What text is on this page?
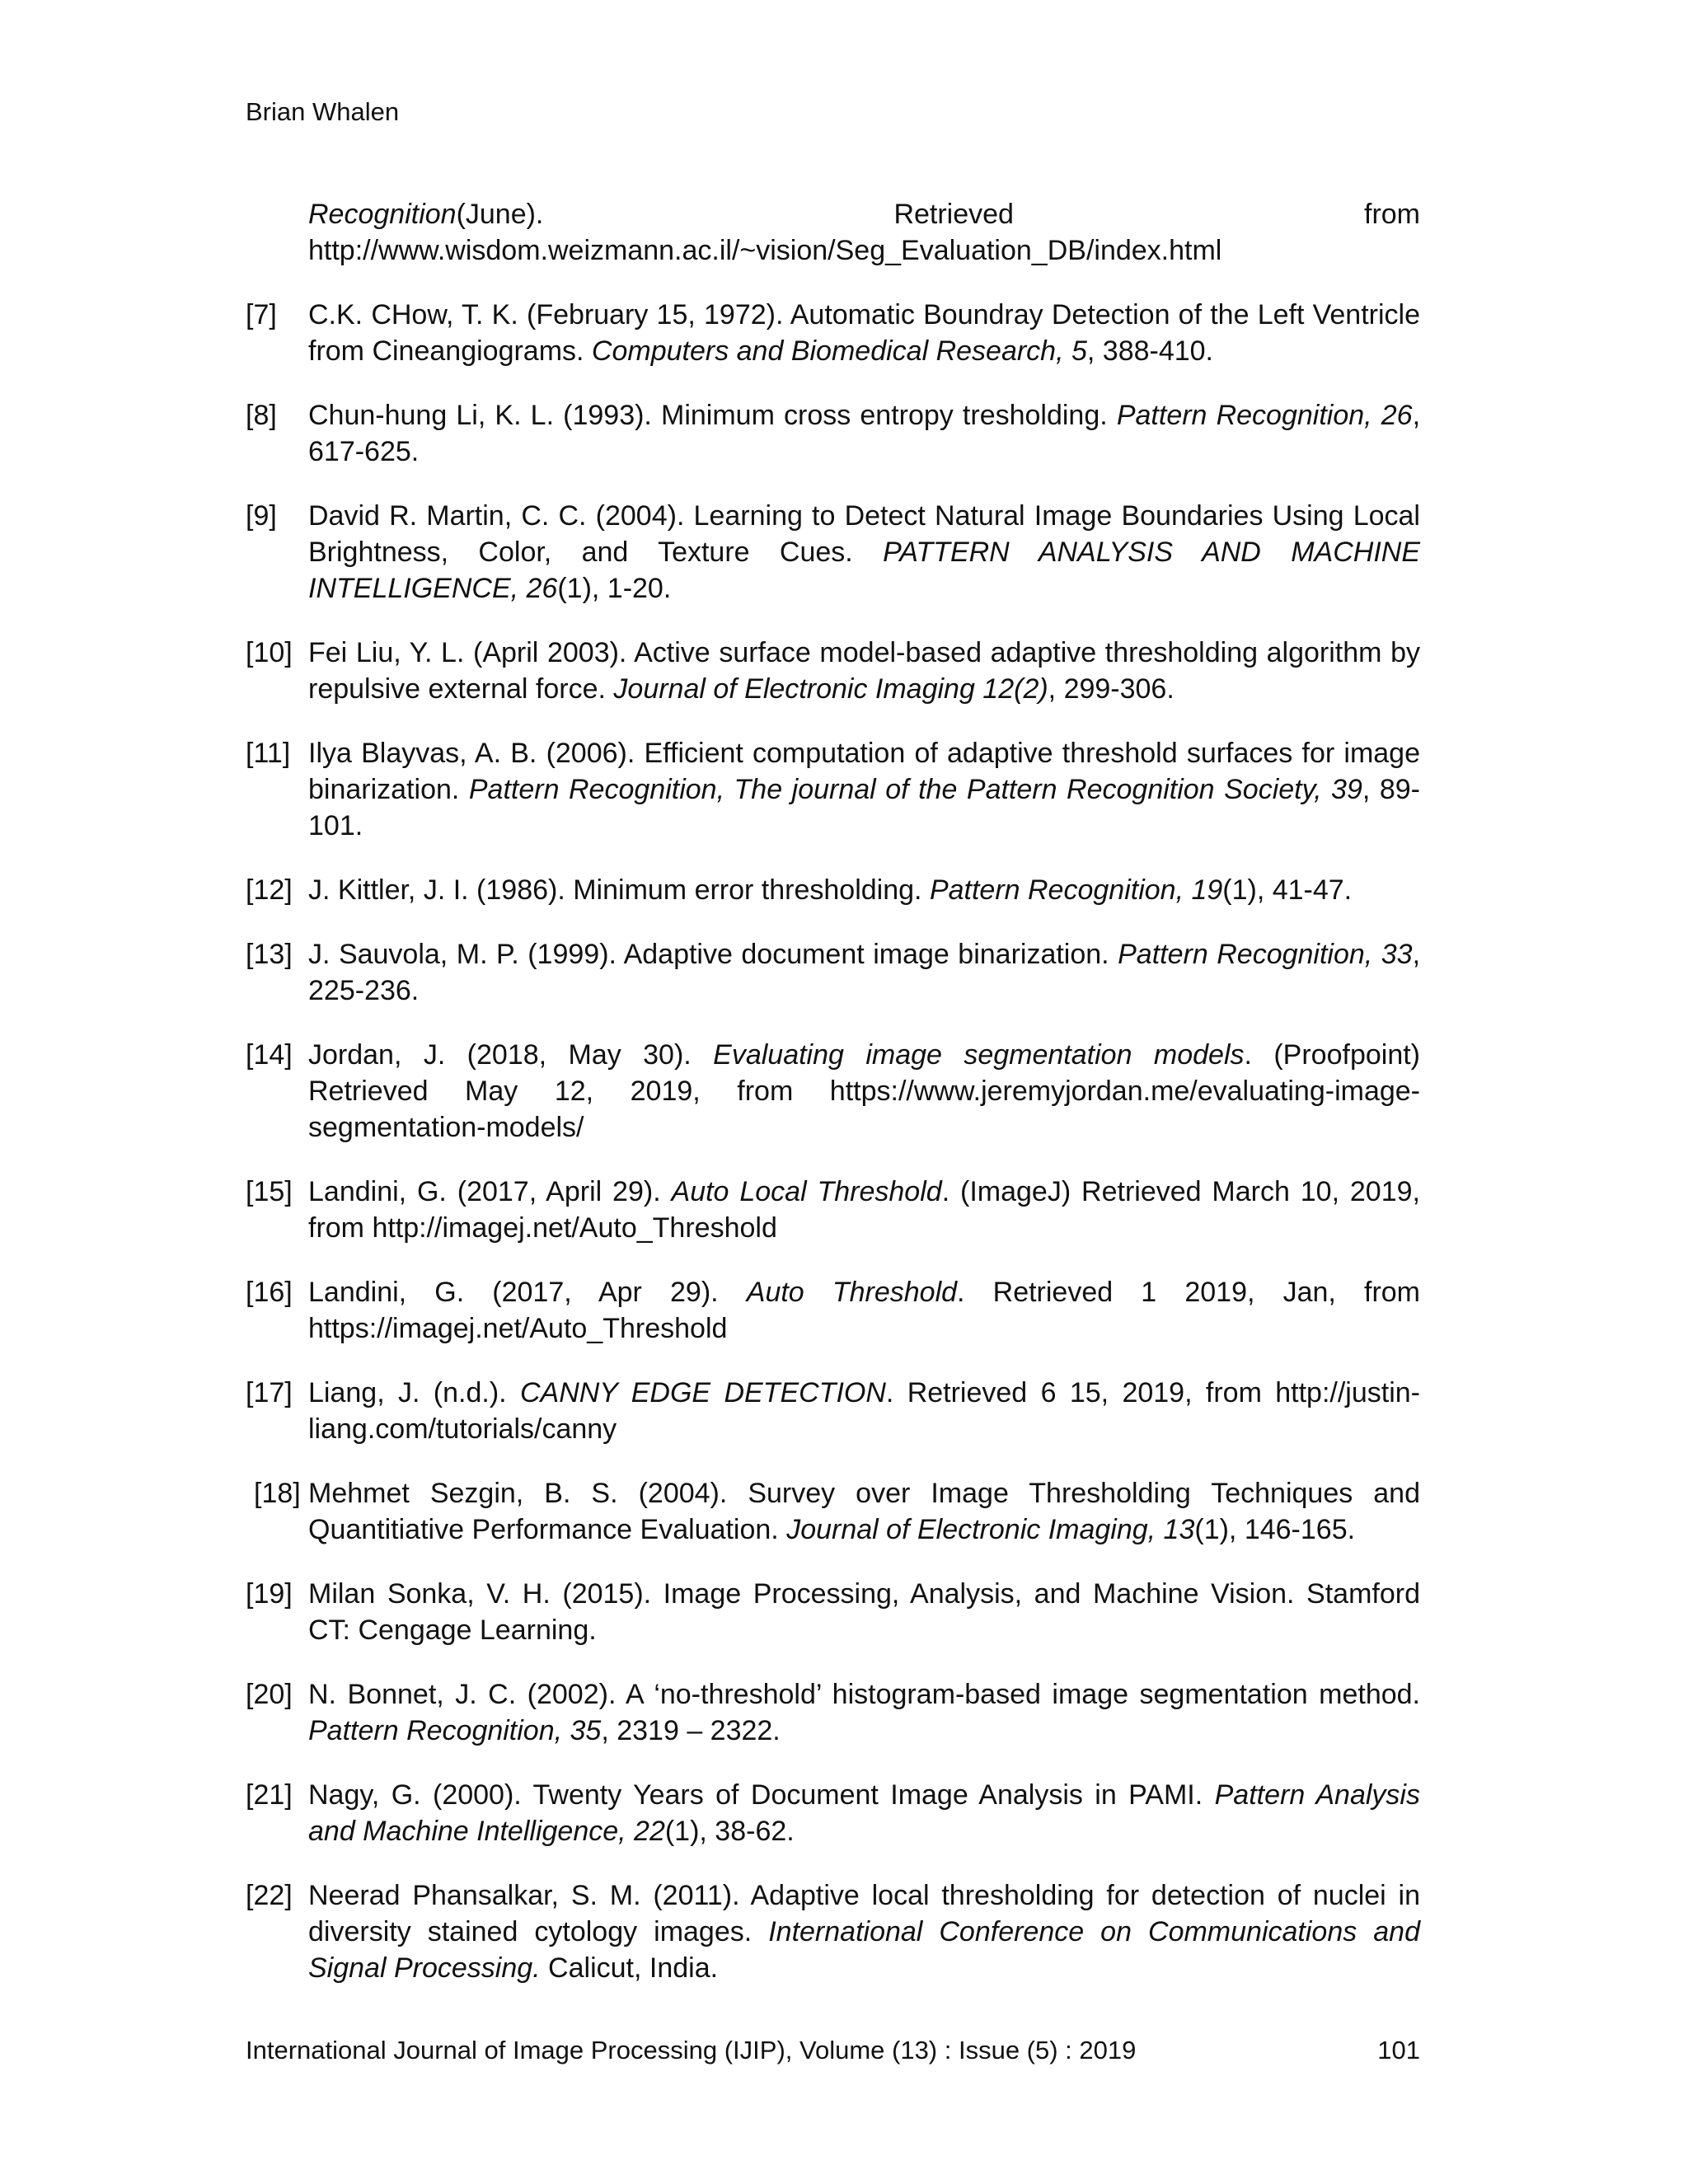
Brian Whalen
Recognition(June).	Retrieved	from
http://www.wisdom.weizmann.ac.il/~vision/Seg_Evaluation_DB/index.html
[7]	C.K. CHow, T. K. (February 15, 1972). Automatic Boundray Detection of the Left Ventricle from Cineangiograms. Computers and Biomedical Research, 5, 388-410.
[8]	Chun-hung Li, K. L. (1993). Minimum cross entropy tresholding. Pattern Recognition, 26, 617-625.
[9]	David R. Martin, C. C. (2004). Learning to Detect Natural Image Boundaries Using Local Brightness, Color, and Texture Cues. PATTERN ANALYSIS AND MACHINE INTELLIGENCE, 26(1), 1-20.
[10] Fei Liu, Y. L. (April 2003). Active surface model-based adaptive thresholding algorithm by repulsive external force. Journal of Electronic Imaging 12(2), 299-306.
[11] Ilya Blayvas, A. B. (2006). Efficient computation of adaptive threshold surfaces for image binarization. Pattern Recognition, The journal of the Pattern Recognition Society, 39, 89-101.
[12] J. Kittler, J. I. (1986). Minimum error thresholding. Pattern Recognition, 19(1), 41-47.
[13] J. Sauvola, M. P. (1999). Adaptive document image binarization. Pattern Recognition, 33, 225-236.
[14] Jordan, J. (2018, May 30). Evaluating image segmentation models. (Proofpoint) Retrieved May 12, 2019, from https://www.jeremyjordan.me/evaluating-image-segmentation-models/
[15] Landini, G. (2017, April 29). Auto Local Threshold. (ImageJ) Retrieved March 10, 2019, from http://imagej.net/Auto_Threshold
[16] Landini, G. (2017, Apr 29). Auto Threshold. Retrieved 1 2019, Jan, from https://imagej.net/Auto_Threshold
[17] Liang, J. (n.d.). CANNY EDGE DETECTION. Retrieved 6 15, 2019, from http://justin-liang.com/tutorials/canny
[18] Mehmet Sezgin, B. S. (2004). Survey over Image Thresholding Techniques and Quantitiative Performance Evaluation. Journal of Electronic Imaging, 13(1), 146-165.
[19] Milan Sonka, V. H. (2015). Image Processing, Analysis, and Machine Vision. Stamford CT: Cengage Learning.
[20] N. Bonnet, J. C. (2002). A ‘no-threshold’ histogram-based image segmentation method. Pattern Recognition, 35, 2319 – 2322.
[21] Nagy, G. (2000). Twenty Years of Document Image Analysis in PAMI. Pattern Analysis and Machine Intelligence, 22(1), 38-62.
[22] Neerad Phansalkar, S. M. (2011). Adaptive local thresholding for detection of nuclei in diversity stained cytology images. International Conference on Communications and Signal Processing. Calicut, India.
International Journal of Image Processing (IJIP), Volume (13) : Issue (5) : 2019	101
